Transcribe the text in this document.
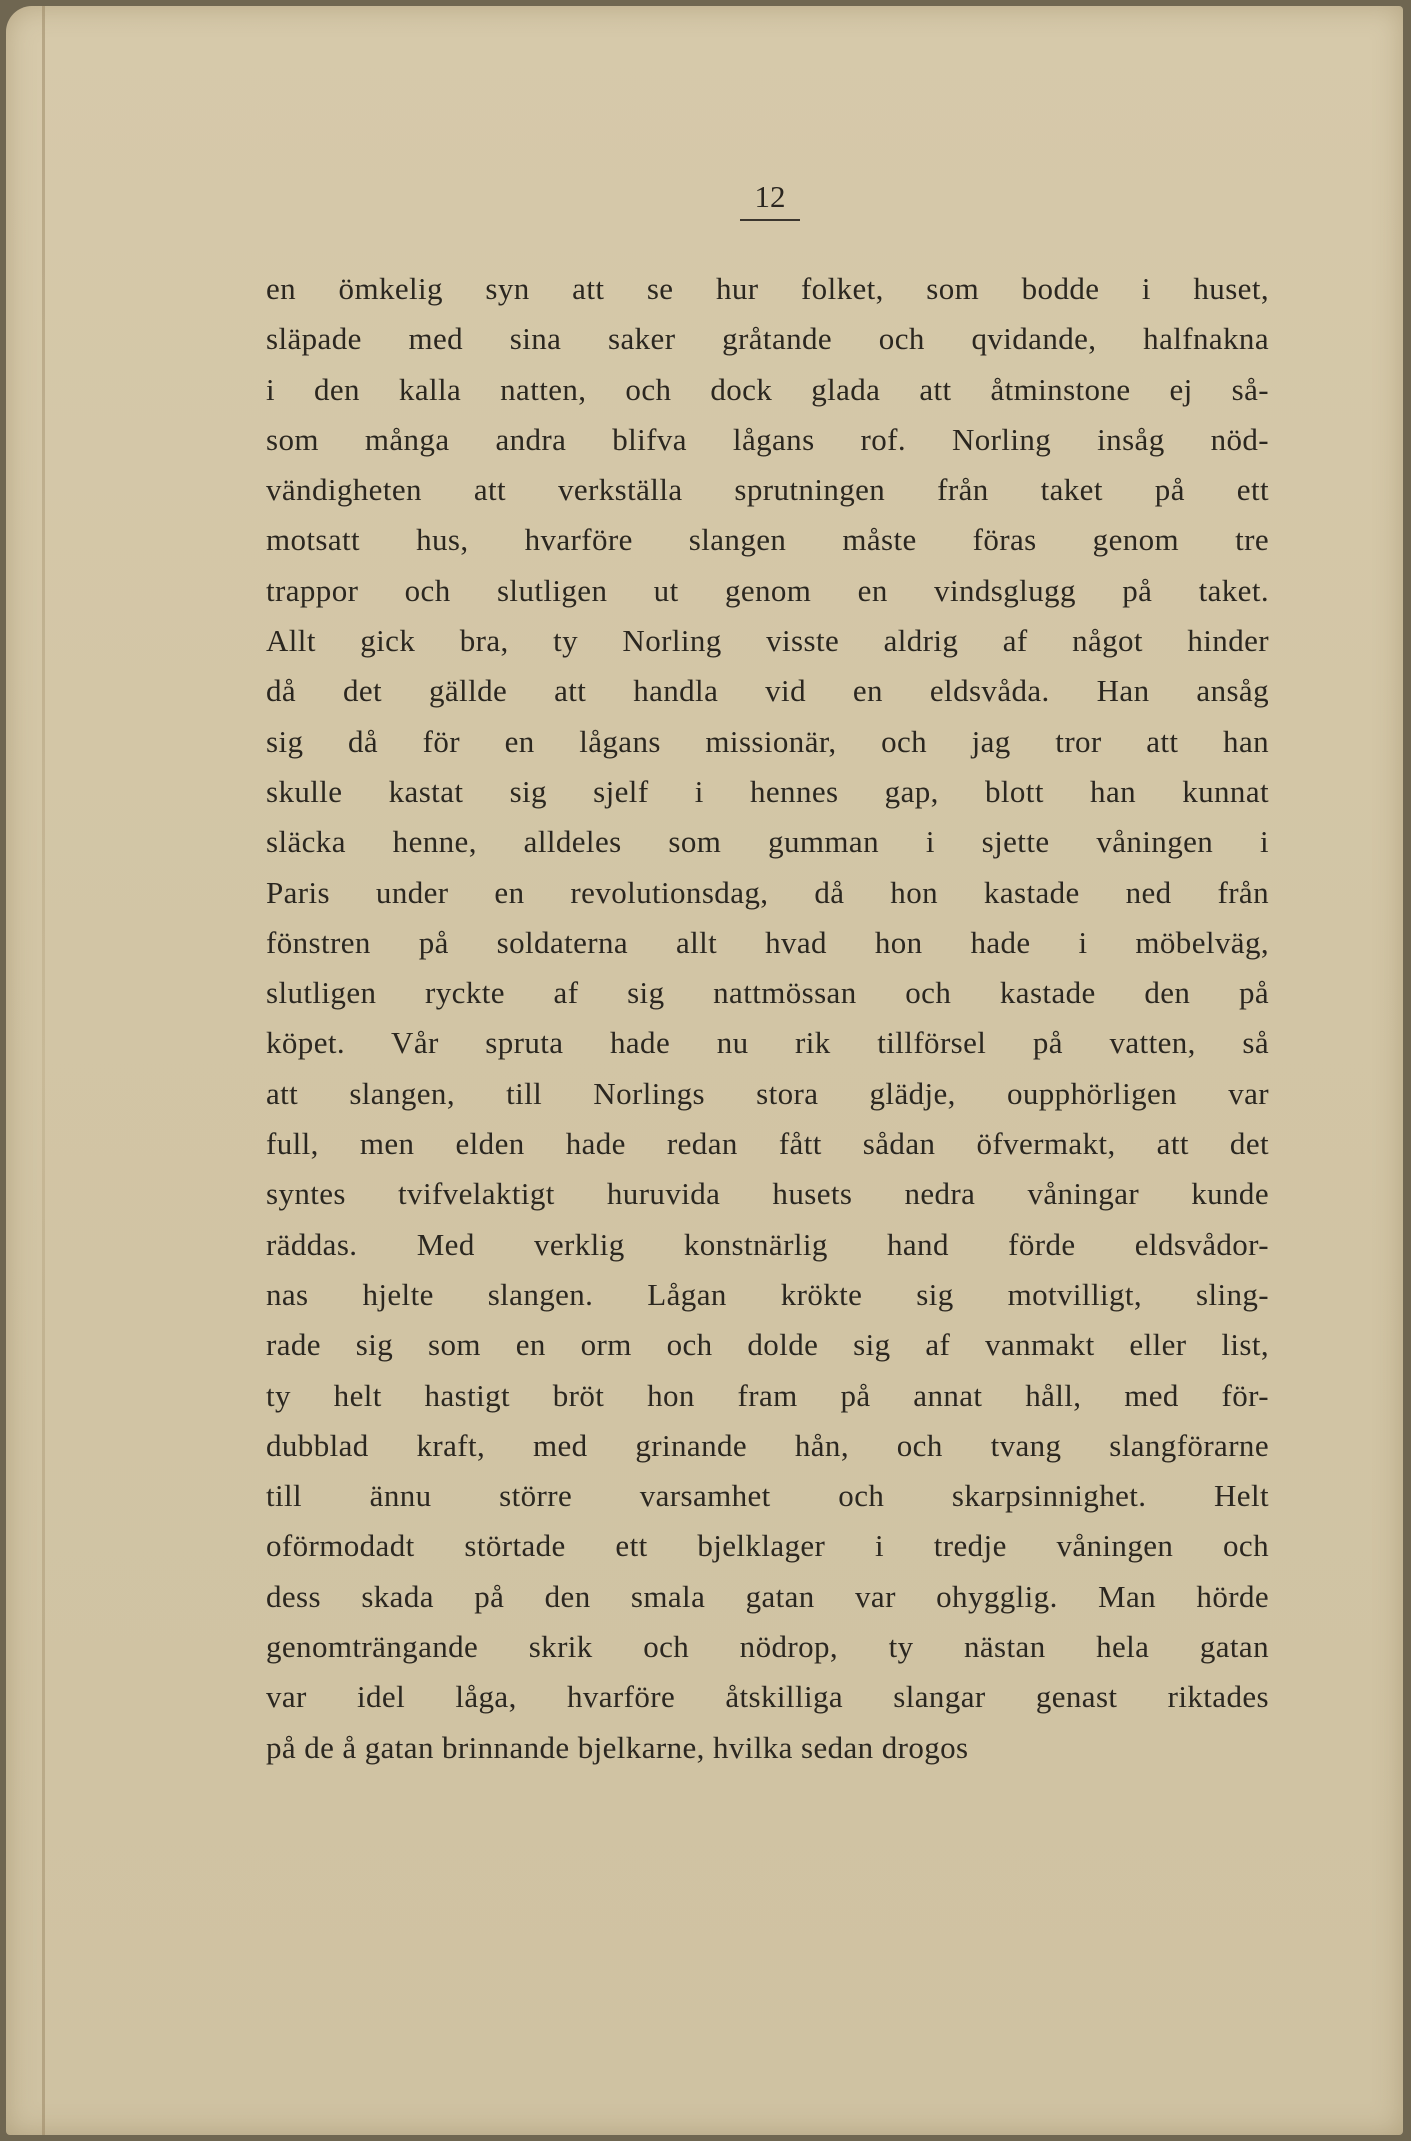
12
en ömkelig syn att se hur folket, som bodde i huset,
släpade med sina saker gråtande och qvidande, halfnakna
i den kalla natten, och dock glada att åtminstone ej så-
som många andra blifva lågans rof. Norling insåg nöd-
vändigheten att verkställa sprutningen från taket på ett
motsatt hus, hvarföre slangen måste föras genom tre
trappor och slutligen ut genom en vindsglugg på taket.
Allt gick bra, ty Norling visste aldrig af något hinder
då det gällde att handla vid en eldsvåda. Han ansåg
sig då för en lågans missionär, och jag tror att han
skulle kastat sig sjelf i hennes gap, blott han kunnat
släcka henne, alldeles som gumman i sjette våningen i
Paris under en revolutionsdag, då hon kastade ned från
fönstren på soldaterna allt hvad hon hade i möbelväg,
slutligen ryckte af sig nattmössan och kastade den på
köpet. Vår spruta hade nu rik tillförsel på vatten, så
att slangen, till Norlings stora glädje, oupphörligen var
full, men elden hade redan fått sådan öfvermakt, att det
syntes tvifvelaktigt huruvida husets nedra våningar kunde
räddas. Med verklig konstnärlig hand förde eldsvådor-
nas hjelte slangen. Lågan krökte sig motvilligt, sling-
rade sig som en orm och dolde sig af vanmakt eller list,
ty helt hastigt bröt hon fram på annat håll, med för-
dubblad kraft, med grinande hån, och tvang slangförarne
till ännu större varsamhet och skarpsinnighet. Helt
oförmodadt störtade ett bjelklager i tredje våningen och
dess skada på den smala gatan var ohygglig. Man hörde
genomträngande skrik och nödrop, ty nästan hela gatan
var idel låga, hvarföre åtskilliga slangar genast riktades
på de å gatan brinnande bjelkarne, hvilka sedan drogos
